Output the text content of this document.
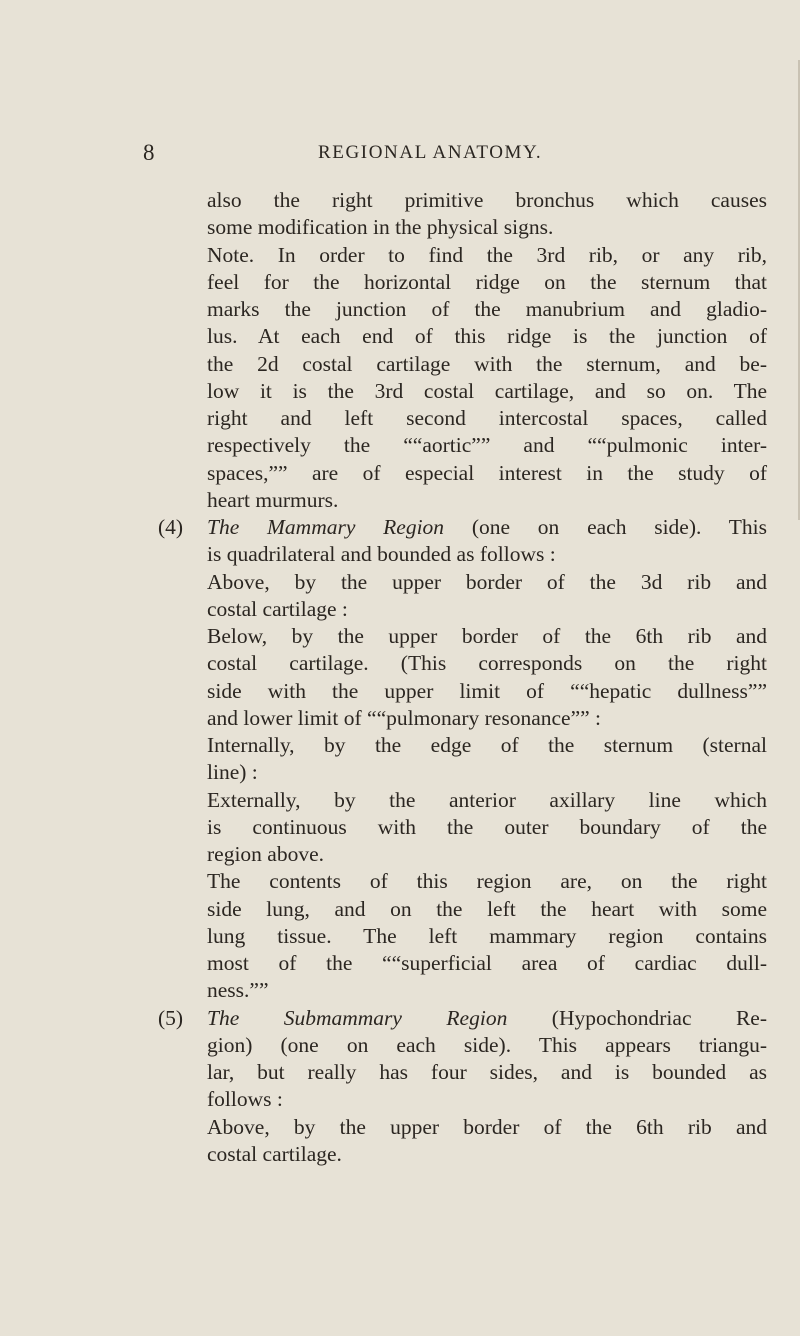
8	REGIONAL ANATOMY.
also the right primitive bronchus which causes
some modification in the physical signs.
Note. In order to find the 3rd rib, or any rib,
feel for the horizontal ridge on the sternum that
marks the junction of the manubrium and gladio-
lus. At each end of this ridge is the junction of
the 2d costal cartilage with the sternum, and be-
low it is the 3rd costal cartilage, and so on. The
right and left second intercostal spaces, called
respectively the ““aortic”” and ““pulmonic inter-
spaces,”” are of especial interest in the study of
heart murmurs.
(4) The Mammary Region (one on each side). This
is quadrilateral and bounded as follows :
Above, by the upper border of the 3d rib and
costal cartilage :
Below, by the upper border of the 6th rib and
costal cartilage. (This corresponds on the right
side with the upper limit of ““hepatic dullness””
and lower limit of ““pulmonary resonance”” :
Internally, by the edge of the sternum (sternal
line) :
Externally, by the anterior axillary line which
is continuous with the outer boundary of the
region above.
The contents of this region are, on the right
side lung, and on the left the heart with some
lung tissue. The left mammary region contains
most of the ““superficial area of cardiac dull-
ness.””
(5) The Submammary Region (Hypochondriac Re-
gion) (one on each side). This appears triangu-
lar, but really has four sides, and is bounded as
follows :
Above, by the upper border of the 6th rib and
costal cartilage.
